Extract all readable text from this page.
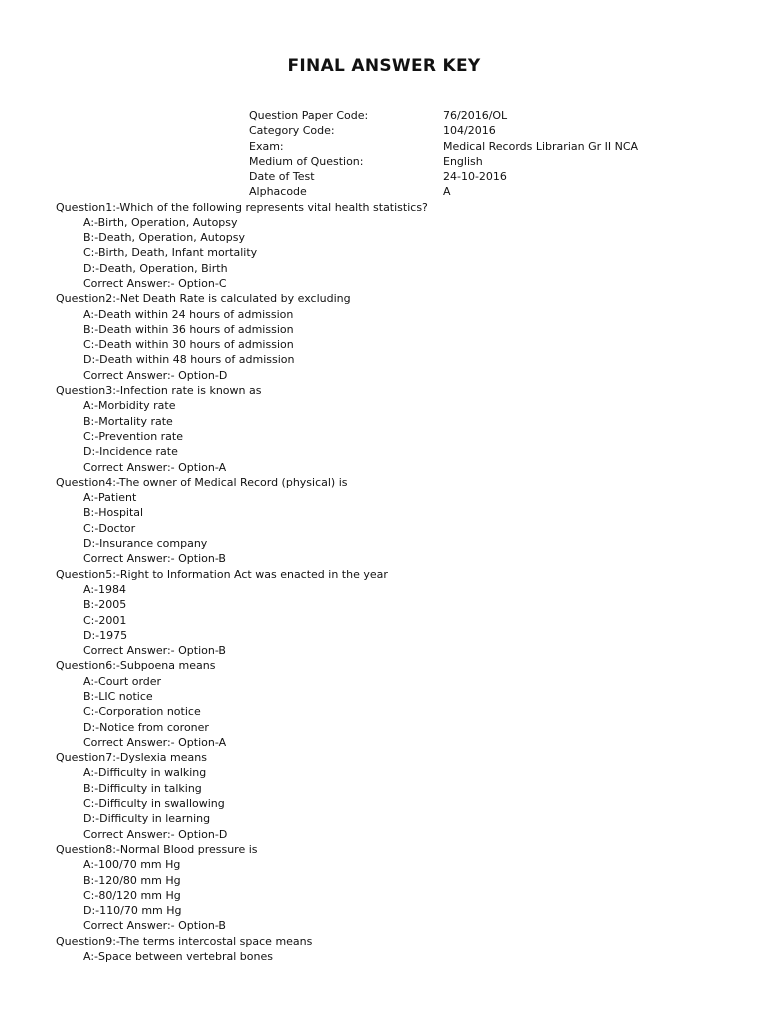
FINAL ANSWER KEY
Question Paper Code:	76/2016/OL
Category Code:	104/2016
Exam:	Medical Records Librarian Gr II NCA
Medium of Question:	English
Date of Test	24-10-2016
Alphacode	A
Question1:-Which of the following represents vital health statistics?
A:-Birth, Operation, Autopsy
B:-Death, Operation, Autopsy
C:-Birth, Death, Infant mortality
D:-Death, Operation, Birth
Correct Answer:- Option-C
Question2:-Net Death Rate is calculated by excluding
A:-Death within 24 hours of admission
B:-Death within 36 hours of admission
C:-Death within 30 hours of admission
D:-Death within 48 hours of admission
Correct Answer:- Option-D
Question3:-Infection rate is known as
A:-Morbidity rate
B:-Mortality rate
C:-Prevention rate
D:-Incidence rate
Correct Answer:- Option-A
Question4:-The owner of Medical Record (physical) is
A:-Patient
B:-Hospital
C:-Doctor
D:-Insurance company
Correct Answer:- Option-B
Question5:-Right to Information Act was enacted in the year
A:-1984
B:-2005
C:-2001
D:-1975
Correct Answer:- Option-B
Question6:-Subpoena means
A:-Court order
B:-LIC notice
C:-Corporation notice
D:-Notice from coroner
Correct Answer:- Option-A
Question7:-Dyslexia means
A:-Difficulty in walking
B:-Difficulty in talking
C:-Difficulty in swallowing
D:-Difficulty in learning
Correct Answer:- Option-D
Question8:-Normal Blood pressure is
A:-100/70 mm Hg
B:-120/80 mm Hg
C:-80/120 mm Hg
D:-110/70 mm Hg
Correct Answer:- Option-B
Question9:-The terms intercostal space means
A:-Space between vertebral bones
